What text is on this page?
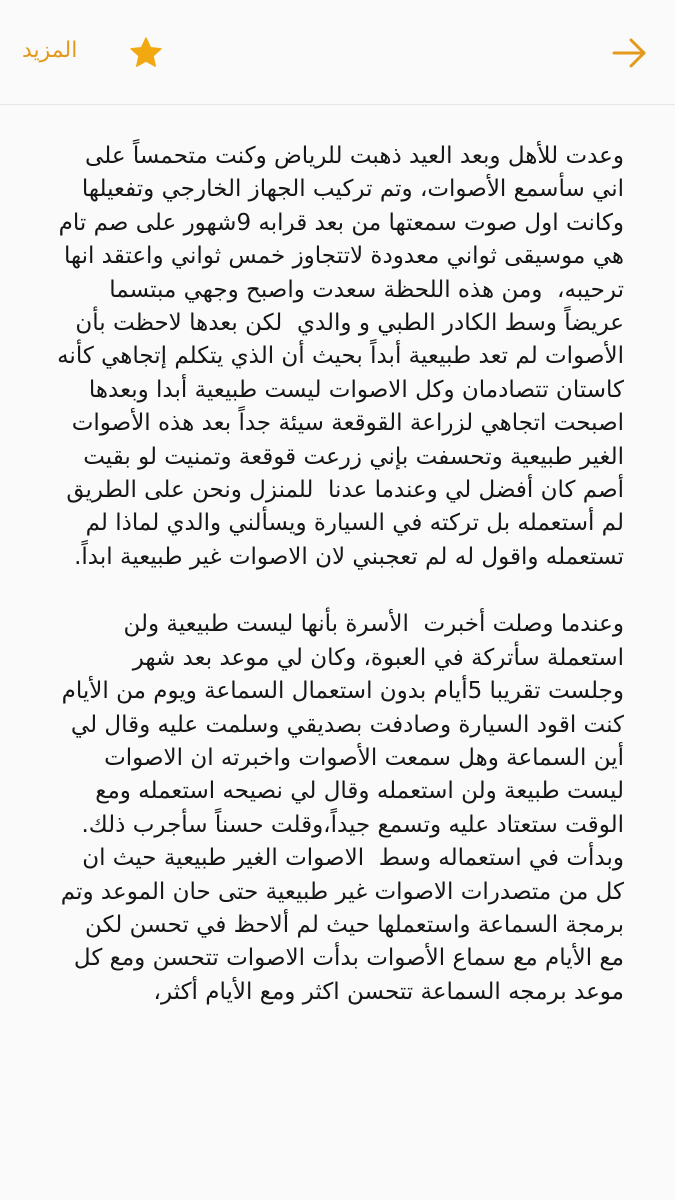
المزيد

وعدت للأهل وبعد العيد ذهبت للرياض وكنت متحمساً على اني سأسمع الأصوات، وتم تركيب الجهاز الخارجي وتفعيلها وكانت اول صوت سمعتها من بعد قرابه 9شهور على صم تام هي موسيقى ثواني معدودة لاتتجاوز خمس ثواني واعتقد انها ترحيبه،  ومن هذه اللحظة سعدت واصبح وجهي مبتسما عريضاً وسط الكادر الطبي و والدي  لكن بعدها لاحظت بأن الأصوات لم تعد طبيعية أبداً بحيث أن الذي يتكلم إتجاهي كأنه كاستان تتصادمان وكل الاصوات ليست طبيعية أبدا وبعدها اصبحت اتجاهي لزراعة القوقعة سيئة جداً بعد هذه الأصوات الغير طبيعية وتحسفت بإني زرعت قوقعة وتمنيت لو بقيت أصم كان أفضل لي وعندما عدنا  للمنزل ونحن على الطريق لم أستعمله بل تركته في السيارة ويسألني والدي لماذا لم تستعمله واقول له لم تعجبني لان الاصوات غير طبيعية ابداً.

وعندما وصلت أخبرت  الأسرة بأنها ليست طبيعية ولن استعملة سأتركة في العبوة، وكان لي موعد بعد شهر وجلست تقريبا 5أيام بدون استعمال السماعة ويوم من الأيام كنت اقود السيارة وصادفت بصديقي وسلمت عليه وقال لي أين السماعة وهل سمعت الأصوات واخبرته ان الاصوات ليست طبيعة ولن استعمله وقال لي نصيحه استعمله ومع الوقت ستعتاد عليه وتسمع جيداً،وقلت حسناً سأجرب ذلك. وبدأت في استعماله وسط  الاصوات الغير طبيعية حيث ان كل من متصدرات الاصوات غير طبيعية حتى حان الموعد وتم برمجة السماعة واستعملها حيث لم ألاحظ في تحسن لكن مع الأيام مع سماع الأصوات بدأت الاصوات تتحسن ومع كل موعد برمجه السماعة تتحسن اكثر ومع الأيام أكثر،
